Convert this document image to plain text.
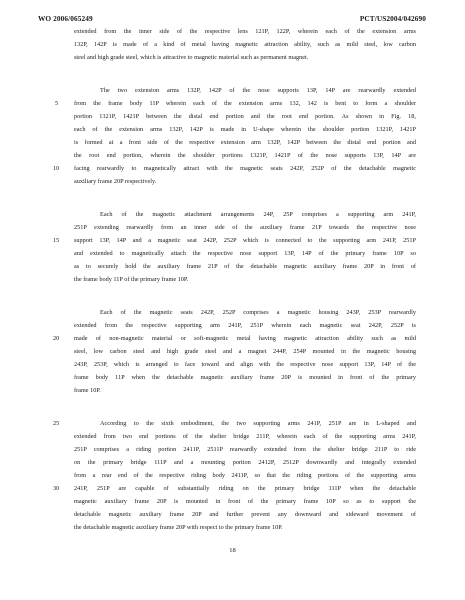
WO 2006/065249	PCT/US2004/042690
extended from the inner side of the respective lens 121P, 122P, wherein each of the extension arms
132P, 142P is made of a kind of metal having magnetic attraction ability, such as mild steel, low carbon
steel and high grade steel, which is attractive to magnetic material such as permanent magnet.
The two extension arms 132P, 142P of the nose supports 13P, 14P are rearwardly extended
from the frame body 11P wherein each of the extension arms 132, 142 is bent to form a shoulder
portion 1321P, 1421P between the distal end portion and the root end portion. As shown in Fig. 18,
each of the extension arms 132P, 142P is made in U-shape wherein the shoulder portion 1321P, 1421P
is formed at a front side of the respective extension arm 132P, 142P between the distal end portion and
the root end portion, wherein the shoulder portions 1321P, 1421P of the nose supports 13P, 14P are
facing rearwardly to magnetically attract with the magnetic seats 242P, 252P of the detachable magnetic
auxiliary frame 20P respectively.
Each of the magnetic attachment arrangements 24P, 25P comprises a supporting arm 241P,
251P extending rearwardly from an inner side of the auxiliary frame 21P towards the respective nose
support 13P, 14P and a magnetic seat 242P, 252P which is connected to the supporting arm 241P, 251P
and extended to magnetically attach the respective nose support 13P, 14P of the primary frame 10P so
as to securely hold the auxiliary frame 21P of the detachable magnetic auxiliary frame 20P in front of
the frame body 11P of the primary frame 10P.
Each of the magnetic seats 242P, 252P comprises a magnetic housing 243P, 253P rearwardly
extended from the respective supporting arm 241P, 251P wherein each magnetic seat 242P, 252P is
made of non-magnetic material or soft-magnetic metal having magnetic attraction ability such as mild
steel, low carbon steel and high grade steel and a magnet 244P, 254P mounted in the magnetic housing
243P, 253P, which is arranged to face toward and align with the respective nose support 13P, 14P of the
frame body 11P when the detachable magnetic auxiliary frame 20P is mounted in front of the primary
frame 10P.
According to the sixth embodiment, the two supporting arms 241P, 251P are in L-shaped and
extended from two end portions of the shelter bridge 211P, wherein each of the supporting arms 241P,
251P comprises a riding portion 2411P, 2511P rearwardly extended from the shelter bridge 211P to ride
on the primary bridge 111P and a mounting portion 2412P, 2512P downwardly and integrally extended
from a rear end of the respective riding body 2411P, so that the riding portions of the supporting arms
241P, 251P are capable of substantially riding on the primary bridge 111P when the detachable
magnetic auxiliary frame 20P is mounted in front of the primary frame 10P so as to support the
detachable magnetic auxiliary frame 20P and further prevent any downward and sideward movement of
the detachable magnetic auxiliary frame 20P with respect to the primary frame 10P.
5
10
15
20
25
30
18
